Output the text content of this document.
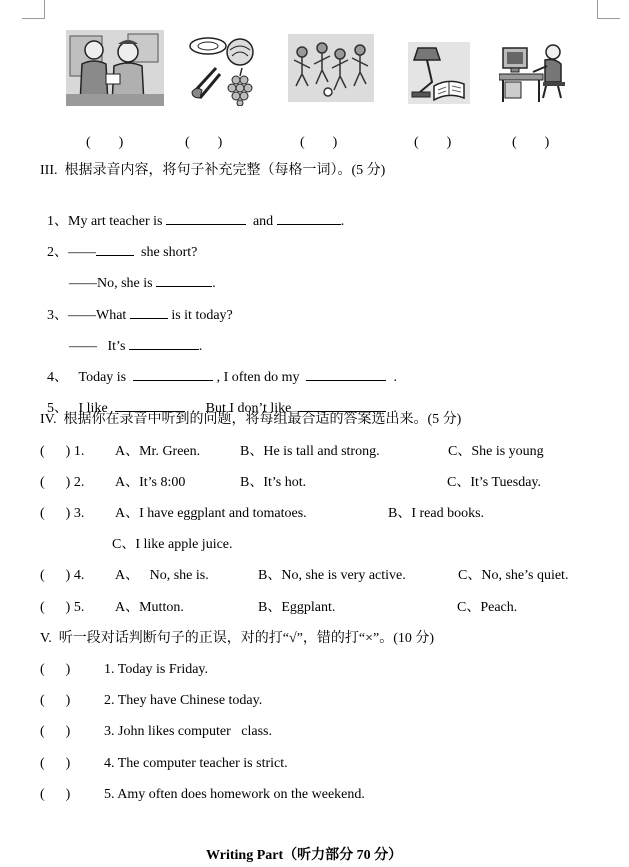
(　　)	(　　)	(　　)	(　　)	(　　)
III.  根据录音内容，将句子补充完整（每格一词）。(5 分)

1、My art teacher is	and	.

2、——	she short?

——No, she is	.

3、——What	is it today?

——   It’s	.

4、   Today is	, I often do my	.

5、   I like	.   But I don’t like	.

IV.  根据你在录音中听到的问题，将每组最合适的答案选出来。(5 分)
(      ) 1. A、Mr. Green.	B、He is tall and strong.	C、She is young
(      ) 2. A、It’s 8:00	B、It’s hot.	C、It’s Tuesday.
(      ) 3. A、I have eggplant and tomatoes.	B、I read books.
C、I like apple juice.
(      ) 4. A、   No, she is.	B、No, she is very active.	C、No, she’s quiet.
(      ) 5. A、Mutton.	B、Eggplant.	C、Peach.
V.  听一段对话判断句子的正误，对的打“√”，错的打“×”。(10 分)
(      ) 1. Today is Friday.
(      ) 2. They have Chinese today.
(      ) 3. John likes computer   class.
(      ) 4. The computer teacher is strict.
(      ) 5. Amy often does homework on the weekend.
Writing Part（听力部分 70 分）
